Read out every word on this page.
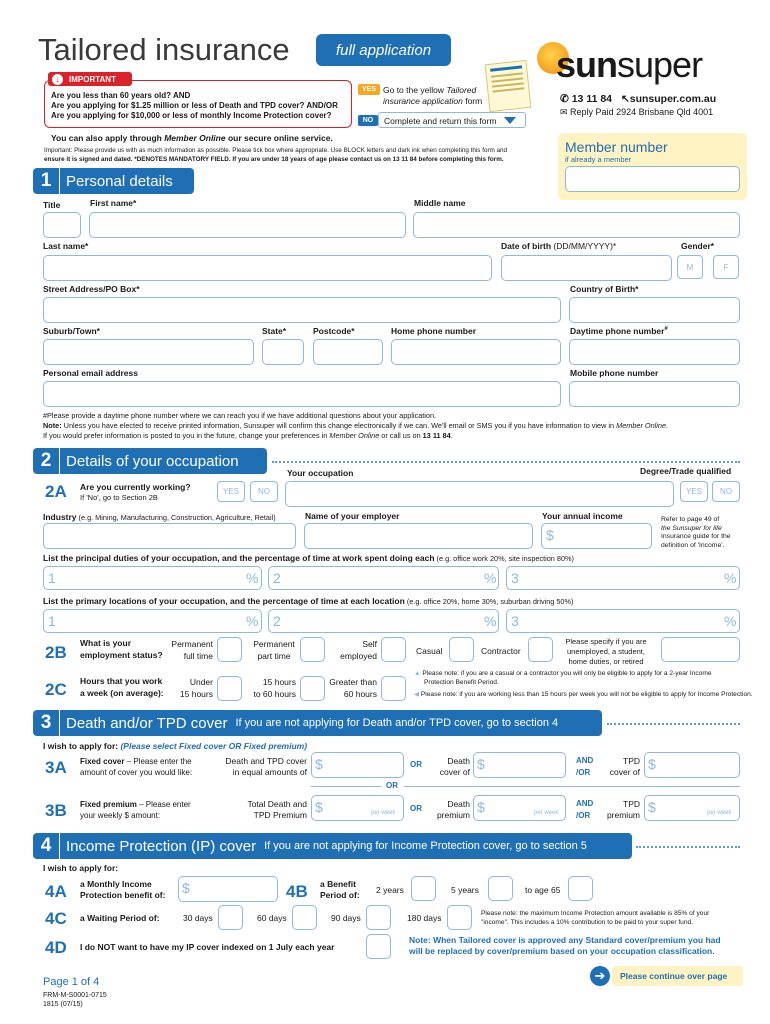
Tailored insurance	full application
↓	IMPORTANT
Are you less than 60 years old? AND
Are you applying for $1.25 million or less of Death and TPD cover? AND/OR
Are you applying for $10,000 or less of monthly Income Protection cover?
YES Go to the yellow Tailored insurance application form
NO	Complete and return this form
You can also apply through Member Online our secure online service.
Important: Please provide us with as much information as possible. Please tick box where appropriate. Use BLOCK letters and dark ink when completing this form and
ensure it is signed and dated. *DENOTES MANDATORY FIELD. If you are under 18 years of age please contact us on 13 11 84 before completing this form.
sunsuper
✆ 13 11 84 ↖sunsuper.com.au
✉ Reply Paid 2924 Brisbane Qld 4001
Member number
if already a member
1 Personal details
Title	First name*	Middle name
Last name*	Date of birth (DD/MM/YYYY)*	Gender*
M	F
Street Address/PO Box*	Country of Birth*
Suburb/Town*	State*	Postcode*	Home phone number	Daytime phone number#
Personal email address	Mobile phone number
#Please provide a daytime phone number where we can reach you if we have additional questions about your application.
Note: Unless you have elected to receive printed information, Sunsuper will confirm this change electronically if we can. We'll email or SMS you if you have information to view in Member Online.
If you would prefer information is posted to you in the future, change your preferences in Member Online or call us on 13 11 84.
2 Details of your occupation
Your occupation	Degree/Trade qualified
2A Are you currently working?
If 'No', go to Section 2B
YES	NO	YES	NO
Industry (e.g. Mining, Manufacturing, Construction, Agriculture, Retail)	Name of your employer	Your annual income
$
Refer to page 49 of
the Sunsuper for life
Insurance guide for the
definition of 'Income'.
List the principal duties of your occupation, and the percentage of time at work spent doing each (e.g. office work 20%, site inspection 80%)
1	% 2	% 3	%
List the primary locations of your occupation, and the percentage of time at each location (e.g. office 20%, home 30%, suburban driving 50%)
1	% 2	% 3	%
2B What is your
employment status?
Permanent
full time
Permanent
part time
Self
employed	Casual	Contractor
Please specify if you are
unemployed, a student,
home duties, or retired
2C Hours that you work
a week (on average):
Under
15 hours
15 hours
to 60 hours
Greater than
60 hours
▲ Please note: if you are a casual or a contractor you will only be eligible to apply for a 2-year Income
Protection Benefit Period.
◀ Please note: if you are working less than 15 hours per week you will not be eligible to apply for Income Protection.
3 Death and/or TPD cover If you are not applying for Death and/or TPD cover, go to section 4
I wish to apply for: (Please select Fixed cover OR Fixed premium)
3A Fixed cover – Please enter the
amount of cover you would like:
Death and TPD cover
in equal amounts of $	OR	Death
cover of $	AND
/OR
TPD
cover of $
OR
3B Fixed premium – Please enter
your weekly $ amount:
Total Death and
TPD Premium $	per week OR	Death
premium $	per week
AND
/OR
TPD
premium $	per week
4 Income Protection (IP) cover If you are not applying for Income Protection cover, go to section 5
I wish to apply for:
4A a Monthly Income
Protection benefit of: $	4B a Benefit
Period of: 2 years	5 years	to age 65
4C a Waiting Period of:	30 days	60 days	90 days	180 days	Please note: the maximum Income Protection amount available is 85% of your
"income". This includes a 10% contribution to be paid to your super fund.
4D I do NOT want to have my IP cover indexed on 1 July each year
Note: When Tailored cover is approved any Standard cover/premium you had
will be replaced by cover/premium based on your occupation classification.
Page 1 of 4
FRM-M-S0001-0715
1815 (07/15)
➔	Please continue over page
